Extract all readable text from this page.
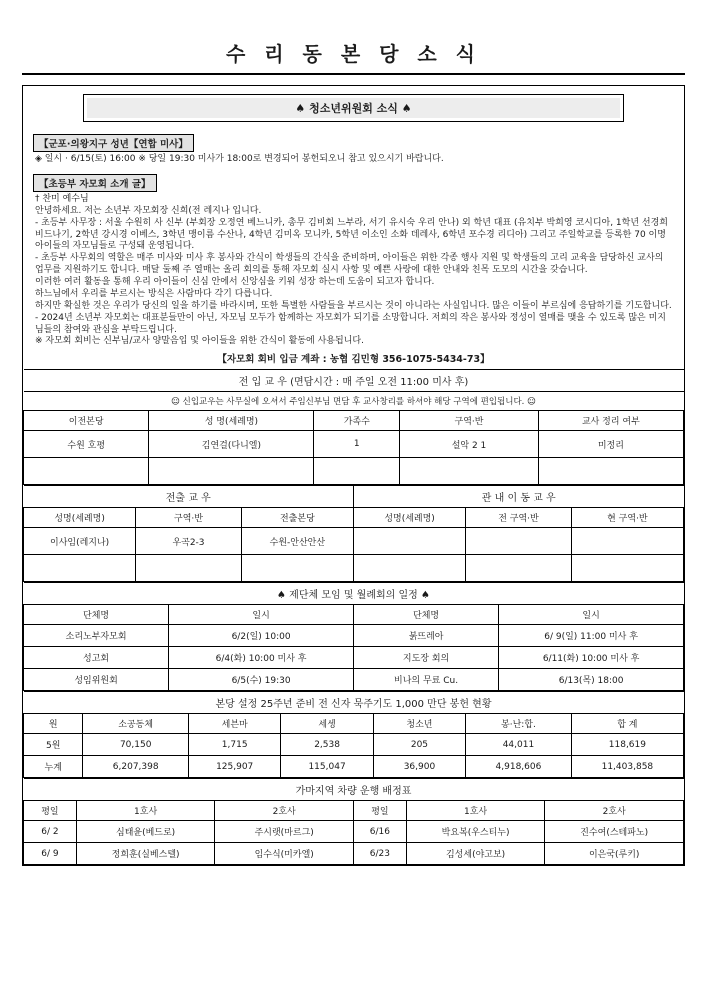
수 리 동 본 당 소 식
♠ 청소년위원회 소식 ♠
【군포·의왕지구 성년【연합 미사】

◈ 일시 · 6/15(토) 16:00 ※ 당일 19:30 미사가 18:00로 변경되어 봉헌되오니 참고 있으시기 바랍니다.

【초등부 자모회 소개 글】

† 찬미 예수님

안녕하세요. 저는 소년부 자모회장 신희(전 레지나 입니다.

- 초등부 사무장 : 서울 수원히 사 신부 (부회장 오정연 베느니카, 총무 김비회 느부라, 서기 유시숙 우리 안나) 외 학년 대표 (유치부 박희영 코시디아, 1학년 선경희 비드나기, 2학년 강시경 이베스, 3학년 맹이름 수산나, 4학년 김미옥 모니카, 5학년 이소인 소화 데레사, 6학년 포수경 리디아) 그리고 주일학교를 등록한 70 이명 아이들의 자모님들로 구성돼 운영됩니다.

- 초등부 사무회의 역할은 매주 미사와 미사 후 봉사와 간식이 학생들의 간식을 준비하며, 아이들은 위한 각종 행사 지원 및 학생들의 고리 교육을 담당하신 교사의 업무를 지원하기도 합니다. 매달 둘째 주 열매는 올리 회의를 통해 자모회 실시 사항 및 예쁜 사랑에 대한 안내와 친목 도모의 시간을 갖습니다.

이러한 여러 활동을 통해 우리 아이들이 신심 안에서 신앙심을 키워 성장 하는데 도움이 되고자 합니다.

하느님에서 우리를 부르시는 방식은 사람마다 각기 다릅니다.

하지만 확실한 것은 우리가 당신의 일을 하기를 바라시며, 또한 특별한 사람들을 부르시는 것이 아니라는 사실입니다. 많은 이들이 부르심에 응답하기를 기도합니다.

- 2024년 소년부 자모회는 대표분들만이 아닌, 자모님 모두가 함께하는 자모회가 되기를 소망합니다. 저희의 작은 봉사와 정성이 열매를 맺을 수 있도록 많은 미지님들의 참여와 관심을 부탁드립니다.

※ 자모회 회비는 신부님/교사 양말음입 및 아이들을 위한 간식이 활동에 사용됩니다.

【자모회 회비 입금 계좌 : 농협 김민형 356-1075-5434-73】
전 입 교 우 (면담시간 : 매 주일 오전 11:00 미사 후)				
☺ 신입교우는 사무실에 오셔서 주임신부님 면담 후 교사창리를 하셔야 해당 구역에 편입됩니다. ☺				
이전본당	성 명(세례명)	가족수	구역·반	교사 정리 여부
수원 호평	김연걸(다니엘)	1	설악 2 1	미정리

전출 교 우			관 내 이 동 교 우		
성명(세례명)	구역·반	전출본당	성명(세례명)	전 구역·반	현 구역·반
이사임(레지나)	우곡2-3	수원-안산안산			

♠ 제단체 모임 및 월례회의 일정 ♠			
단체명	일시	단체명	일시
소리노부자모회	6/2(일) 10:00	붉뜨레아	6/ 9(일) 11:00 미사 후
성고회	6/4(화) 10:00 미사 후	지도장 회의	6/11(화) 10:00 미사 후
성임위원회	6/5(수) 19:30	비나의 무료 Cu.	6/13(목) 18:00
본당 설정 25주년 준비 전 신자 묵주기도 1,000 만단 봉헌 현황						
원	소공동체	세븐마	세셍	청소년	봉·난:합.	합 계
5원	70,150	1,715	2,538	205	44,011	118,619
누계	6,207,398	125,907	115,047	36,900	4,918,606	11,403,858
가마지역 차량 운행 배정표					
평일	1호사	2호사	평일	1호사	2호사
6/ 2	심태윤(베드로)	주시랫(마르그)	6/16	박요복(우스티누)	진수여(스테파노)
6/ 9	정희훈(실베스텔)	임수식(미카엘)	6/23	김성세(야고보)	이은국(루키)
